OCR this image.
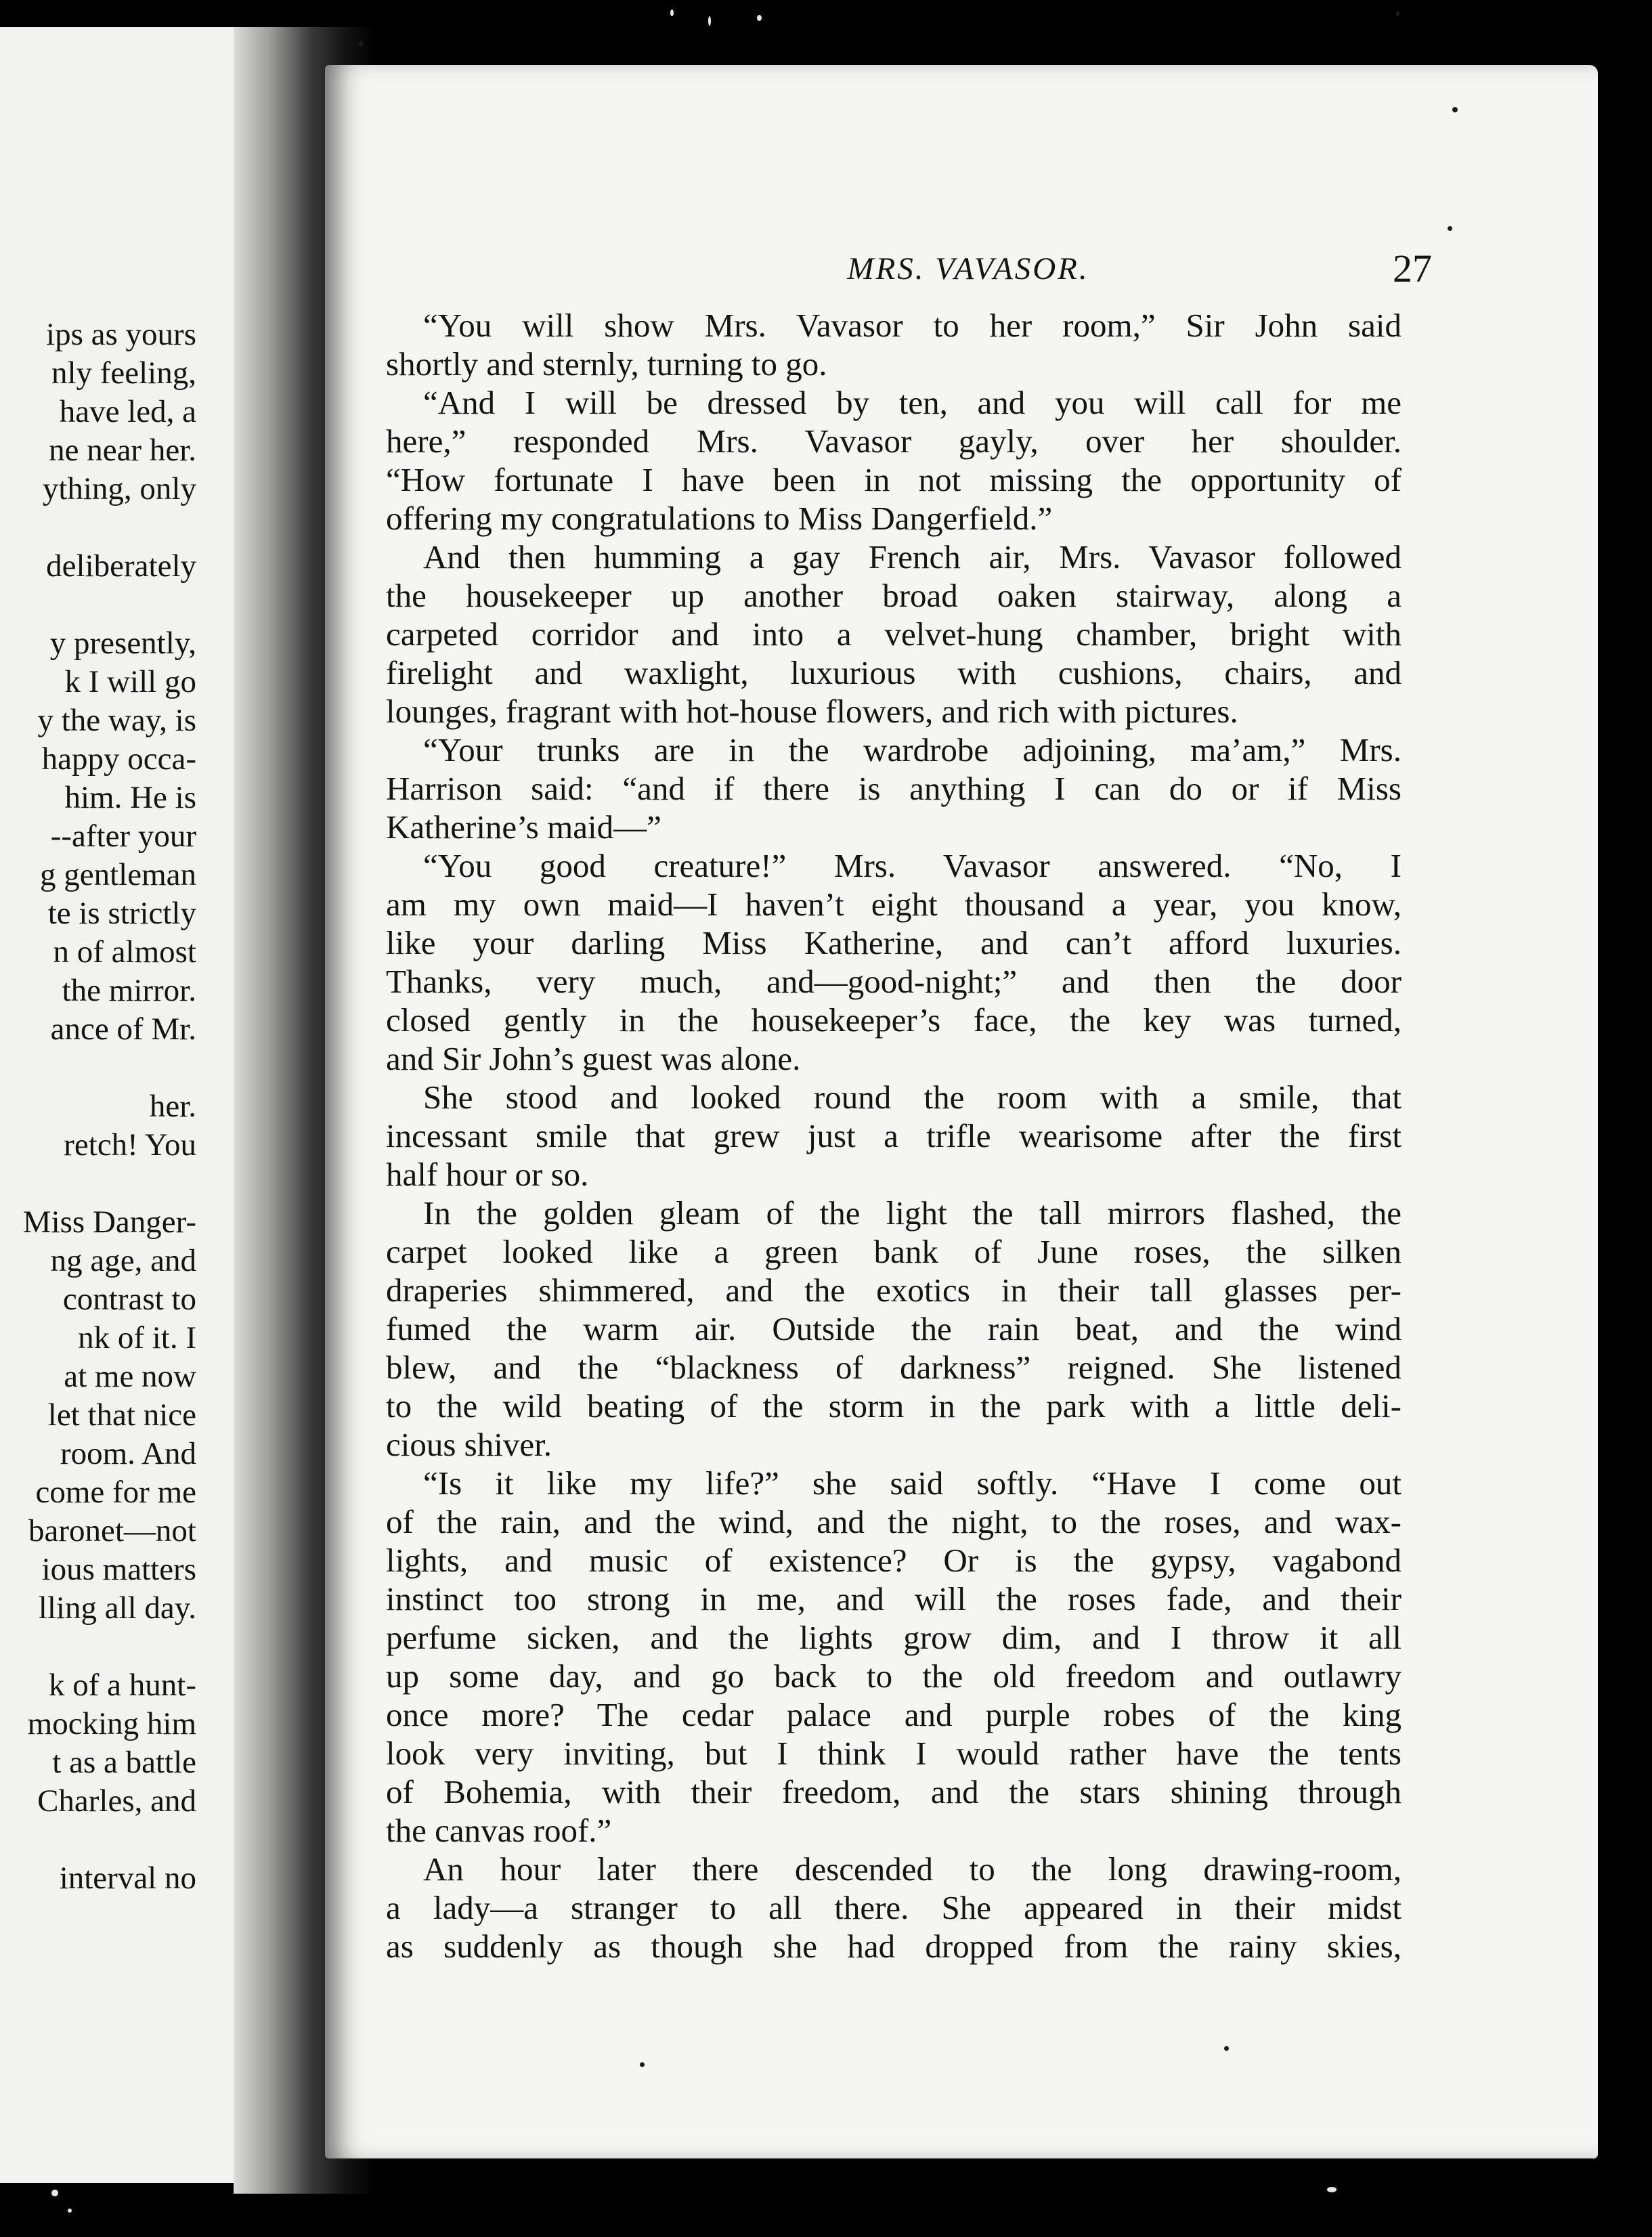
ips as yours
nly feeling,
have led, a
ne near her.
ything, only
deliberately
y presently,
k I will go
y the way, is
happy occa-
him. He is
--after your
g gentleman
te is strictly
n of almost
the mirror.
ance of Mr.
her.
retch! You
Miss Danger-
ng age, and
contrast to
nk of it. I
at me now
let that nice
room. And
come for me
baronet—not
ious matters
lling all day.
k of a hunt-
mocking him
t as a battle
Charles, and
interval no
MRS. VAVASOR.	27
“You will show Mrs. Vavasor to her room,” Sir John said
shortly and sternly, turning to go.
“And I will be dressed by ten, and you will call for me
here,” responded Mrs. Vavasor gayly, over her shoulder.
“How fortunate I have been in not missing the opportunity of
offering my congratulations to Miss Dangerfield.”
And then humming a gay French air, Mrs. Vavasor followed
the housekeeper up another broad oaken stairway, along a
carpeted corridor and into a velvet-hung chamber, bright with
firelight and waxlight, luxurious with cushions, chairs, and
lounges, fragrant with hot-house flowers, and rich with pictures.
“Your trunks are in the wardrobe adjoining, ma’am,” Mrs.
Harrison said: “and if there is anything I can do or if Miss
Katherine’s maid—”
“You good creature!” Mrs. Vavasor answered. “No, I
am my own maid—I haven’t eight thousand a year, you know,
like your darling Miss Katherine, and can’t afford luxuries.
Thanks, very much, and—good-night;” and then the door
closed gently in the housekeeper’s face, the key was turned,
and Sir John’s guest was alone.
She stood and looked round the room with a smile, that
incessant smile that grew just a trifle wearisome after the first
half hour or so.
In the golden gleam of the light the tall mirrors flashed, the
carpet looked like a green bank of June roses, the silken
draperies shimmered, and the exotics in their tall glasses per-
fumed the warm air. Outside the rain beat, and the wind
blew, and the “blackness of darkness” reigned. She listened
to the wild beating of the storm in the park with a little deli-
cious shiver.
“Is it like my life?” she said softly. “Have I come out
of the rain, and the wind, and the night, to the roses, and wax-
lights, and music of existence? Or is the gypsy, vagabond
instinct too strong in me, and will the roses fade, and their
perfume sicken, and the lights grow dim, and I throw it all
up some day, and go back to the old freedom and outlawry
once more? The cedar palace and purple robes of the king
look very inviting, but I think I would rather have the tents
of Bohemia, with their freedom, and the stars shining through
the canvas roof.”
An hour later there descended to the long drawing-room,
a lady—a stranger to all there. She appeared in their midst
as suddenly as though she had dropped from the rainy skies,
